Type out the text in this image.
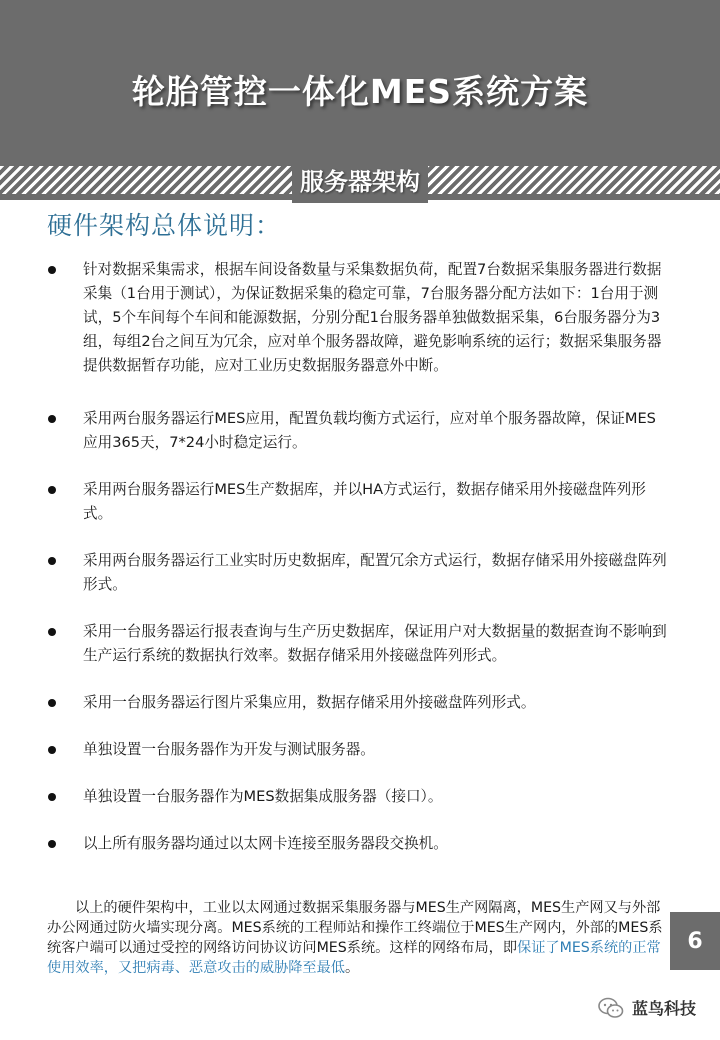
轮胎管控一体化MES系统方案
服务器架构
硬件架构总体说明：
针对数据采集需求，根据车间设备数量与采集数据负荷，配置7台数据采集服务器进行数据采集（1台用于测试），为保证数据采集的稳定可靠，7台服务器分配方法如下：1台用于测试，5个车间每个车间和能源数据，分别分配1台服务器单独做数据采集，6台服务器分为3组，每组2台之间互为冗余，应对单个服务器故障，避免影响系统的运行；数据采集服务器提供数据暂存功能，应对工业历史数据服务器意外中断。
采用两台服务器运行MES应用，配置负载均衡方式运行，应对单个服务器故障，保证MES应用365天，7*24小时稳定运行。
采用两台服务器运行MES生产数据库，并以HA方式运行，数据存储采用外接磁盘阵列形式。
采用两台服务器运行工业实时历史数据库，配置冗余方式运行，数据存储采用外接磁盘阵列形式。
采用一台服务器运行报表查询与生产历史数据库，保证用户对大数据量的数据查询不影响到生产运行系统的数据执行效率。数据存储采用外接磁盘阵列形式。
采用一台服务器运行图片采集应用，数据存储采用外接磁盘阵列形式。
单独设置一台服务器作为开发与测试服务器。
单独设置一台服务器作为MES数据集成服务器（接口）。
以上所有服务器均通过以太网卡连接至服务器段交换机。

以上的硬件架构中，工业以太网通过数据采集服务器与MES生产网隔离，MES生产网又与外部办公网通过防火墙实现分离。MES系统的工程师站和操作工终端位于MES生产网内，外部的MES系统客户端可以通过受控的网络访问协议访问MES系统。这样的网络布局，即保证了MES系统的正常使用效率，又把病毒、恶意攻击的威胁降至最低。

6
蓝鸟科技
